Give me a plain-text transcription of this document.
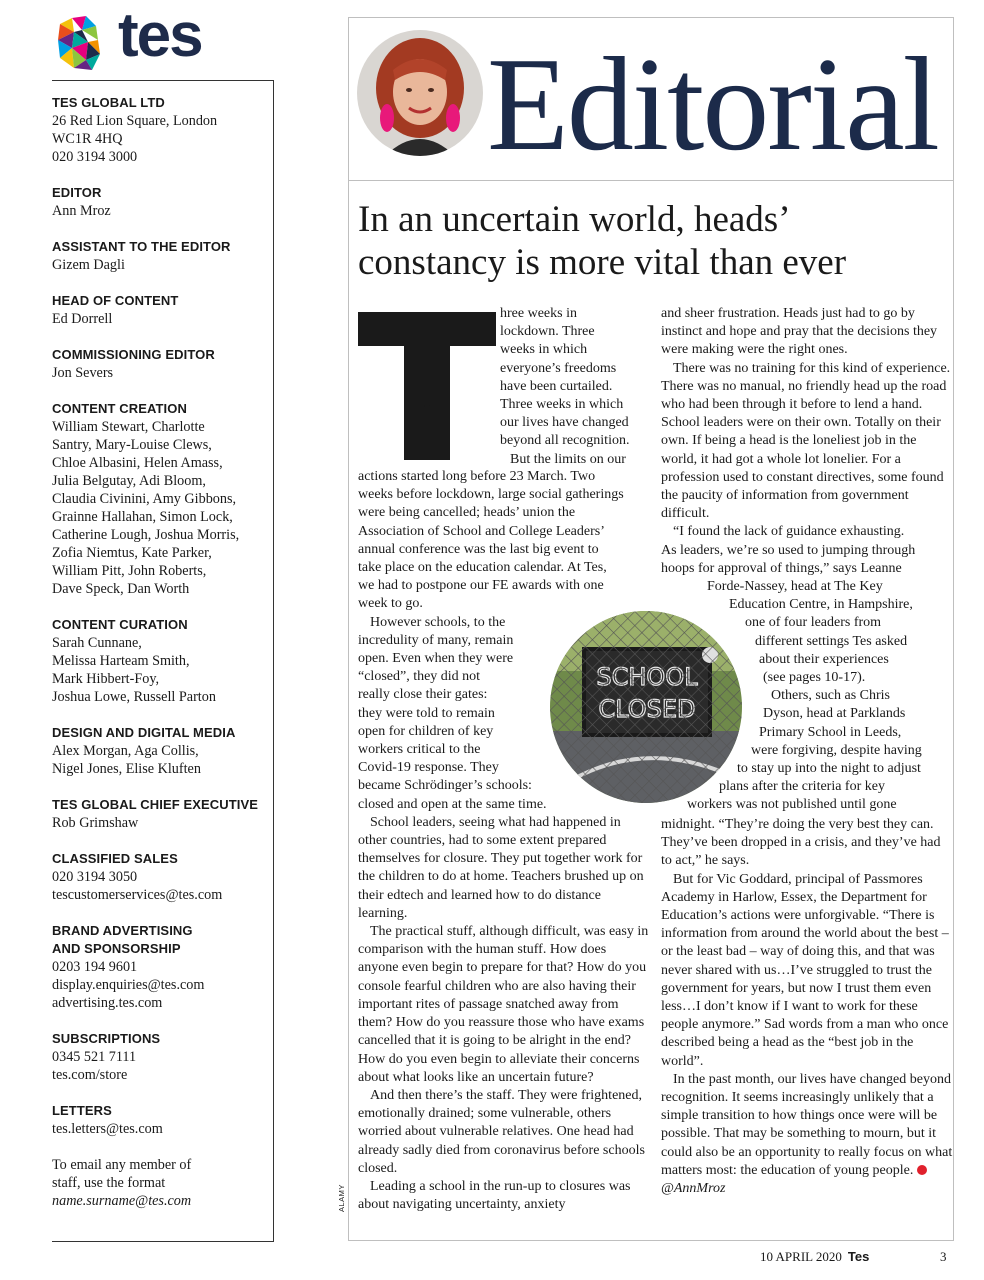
tes
TES GLOBAL LTD
26 Red Lion Square, London
WC1R 4HQ
020 3194 3000
EDITOR
Ann Mroz
ASSISTANT TO THE EDITOR
Gizem Dagli
HEAD OF CONTENT
Ed Dorrell
COMMISSIONING EDITOR
Jon Severs
CONTENT CREATION
William Stewart, Charlotte
Santry, Mary-Louise Clews,
Chloe Albasini, Helen Amass,
Julia Belgutay, Adi Bloom,
Claudia Civinini, Amy Gibbons,
Grainne Hallahan, Simon Lock,
Catherine Lough, Joshua Morris,
Zofia Niemtus, Kate Parker,
William Pitt, John Roberts,
Dave Speck, Dan Worth
CONTENT CURATION
Sarah Cunnane,
Melissa Harteam Smith,
Mark Hibbert-Foy,
Joshua Lowe, Russell Parton
DESIGN AND DIGITAL MEDIA
Alex Morgan, Aga Collis,
Nigel Jones, Elise Kluften
TES GLOBAL CHIEF EXECUTIVE
Rob Grimshaw
CLASSIFIED SALES
020 3194 3050
tescustomerservices@tes.com
BRAND ADVERTISING
AND SPONSORSHIP
0203 194 9601
display.enquiries@tes.com
advertising.tes.com
SUBSCRIPTIONS
0345 521 7111
tes.com/store
LETTERS
tes.letters@tes.com
To email any member of
staff, use the format
name.surname@tes.com
Editorial
In an uncertain world, heads’
constancy is more vital than ever
T
hree weeks in
lockdown. Three
weeks in which
everyone’s freedoms
have been curtailed.
Three weeks in which
our lives have changed
beyond all recognition.
But the limits on our
actions started long before 23 March. Two
weeks before lockdown, large social gatherings
were being cancelled; heads’ union the
Association of School and College Leaders’
annual conference was the last big event to
take place on the education calendar. At Tes,
we had to postpone our FE awards with one
week to go.
However schools, to the
incredulity of many, remain
open. Even when they were
“closed”, they did not
really close their gates:
they were told to remain
open for children of key
workers critical to the
Covid-19 response. They
became Schrödinger’s schools:
closed and open at the same time.

School leaders, seeing what had happened in other countries, had to some extent prepared themselves for closure. They put together work for the children to do at home. Teachers brushed up on their edtech and learned how to do distance learning.

The practical stuff, although difficult, was easy in comparison with the human stuff. How does anyone even begin to prepare for that? How do you console fearful children who are also having their important rites of passage snatched away from them? How do you reassure those who have exams cancelled that it is going to be alright in the end? How do you even begin to alleviate their concerns about what looks like an uncertain future?

And then there’s the staff. They were frightened, emotionally drained; some vulnerable, others worried about vulnerable relatives. One head had already sadly died from coronavirus before schools closed.

Leading a school in the run-up to closures was about navigating uncertainty, anxiety

ALAMY

and sheer frustration. Heads just had to go by instinct and hope and pray that the decisions they were making were the right ones.

There was no training for this kind of experience. There was no manual, no friendly head up the road who had been through it before to lend a hand. School leaders were on their own. Totally on their own. If being a head is the loneliest job in the world, it had got a whole lot lonelier. For a profession used to constant directives, some found the paucity of information from government difficult.

“I found the lack of guidance exhausting.
As leaders, we’re so used to jumping through
hoops for approval of things,” says Leanne
Forde-Nassey, head at The Key
Education Centre, in Hampshire,
one of four leaders from
different settings Tes asked
about their experiences
(see pages 10-17).
Others, such as Chris
Dyson, head at Parklands
Primary School in Leeds,
were forgiving, despite having
to stay up into the night to adjust
plans after the criteria for key
workers was not published until gone

midnight. “They’re doing the very best they can. They’ve been dropped in a crisis, and they’ve had to act,” he says.

But for Vic Goddard, principal of Passmores Academy in Harlow, Essex, the Department for Education’s actions were unforgivable. “There is information from around the world about the best – or the least bad – way of doing this, and that was never shared with us…I’ve struggled to trust the government for years, but now I trust them even less…I don’t know if I want to work for these people anymore.” Sad words from a man who once described being a head as the “best job in the world”.

In the past month, our lives have changed beyond recognition. It seems increasingly unlikely that a simple transition to how things once were will be possible. That may be something to mourn, but it could also be an opportunity to really focus on what matters most: the education of young people.

@AnnMroz

10 APRIL 2020 Tes	3
